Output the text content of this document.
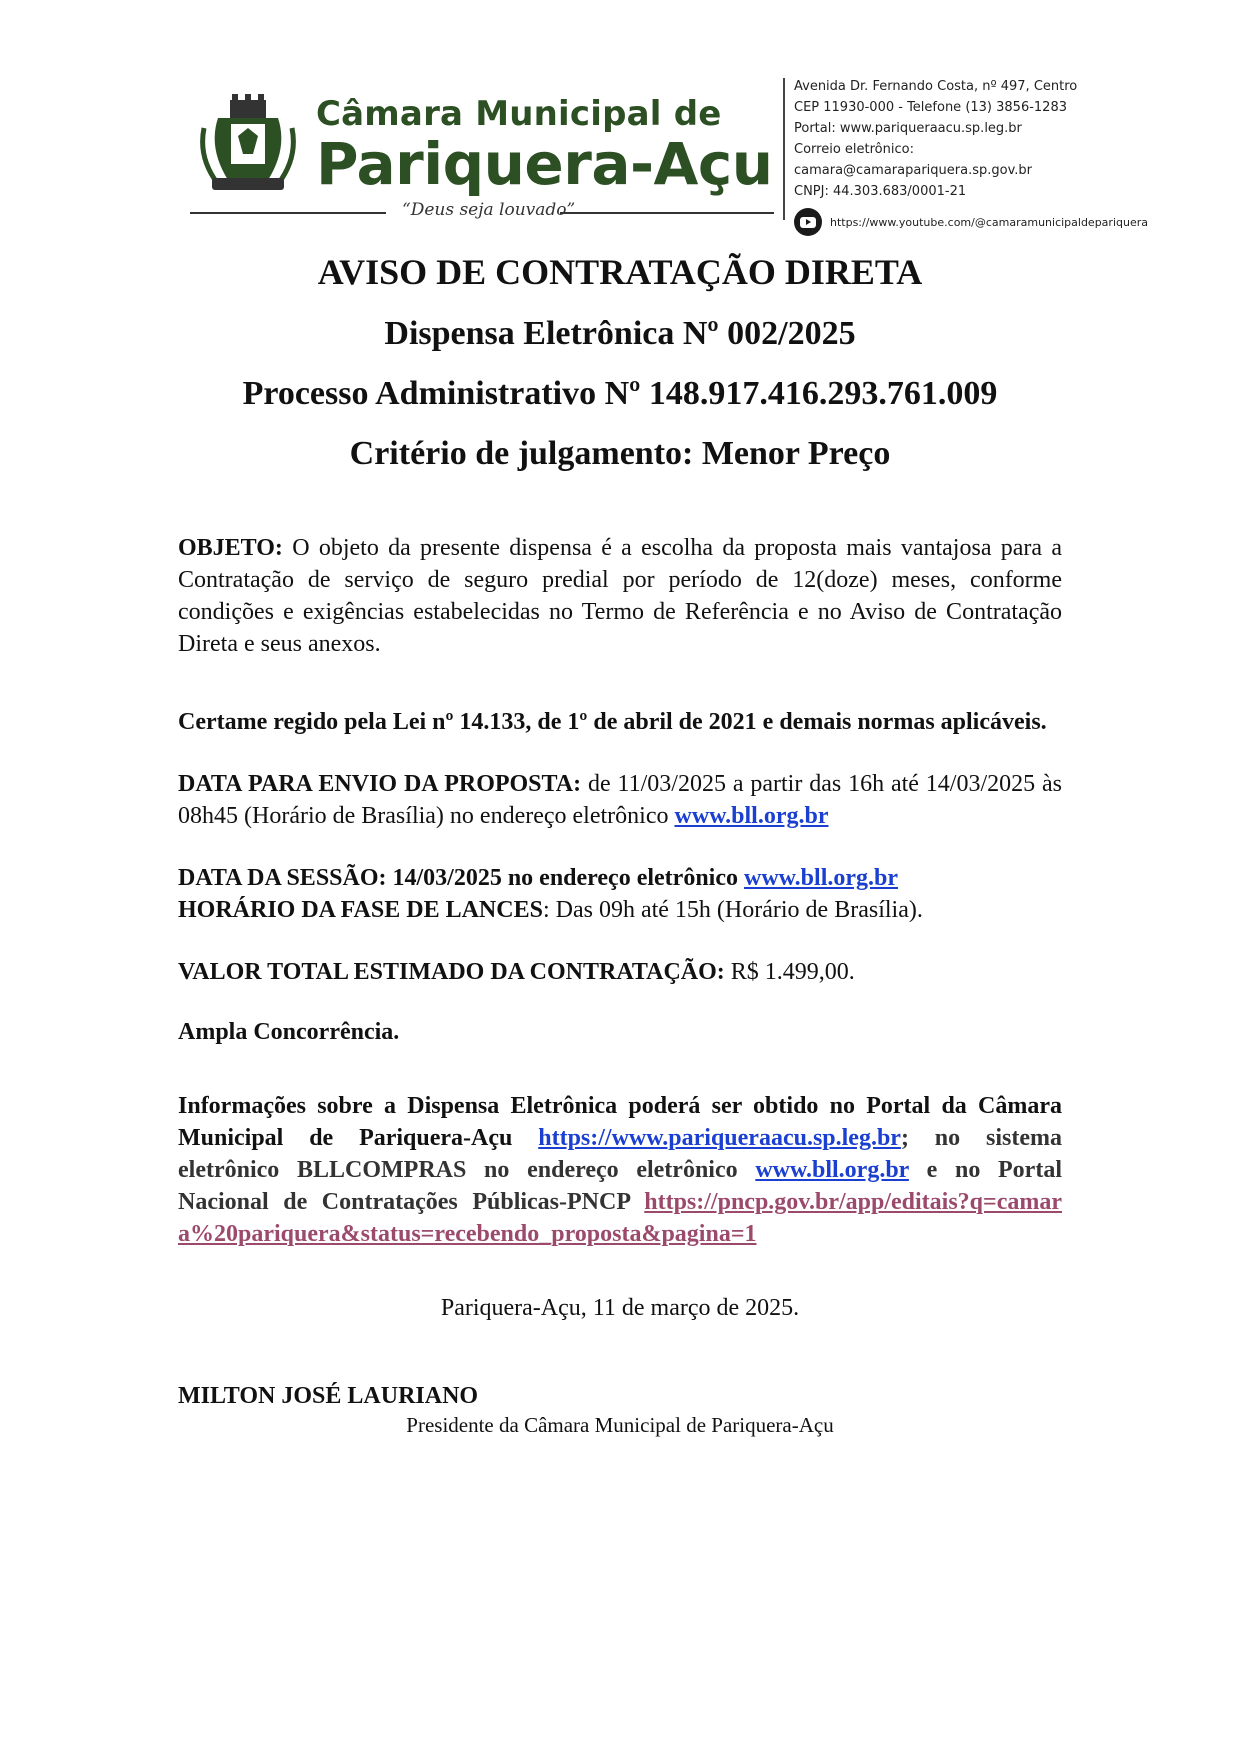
Câmara Municipal de
Pariquera-Açu
“Deus seja louvado”
Avenida Dr. Fernando Costa, nº 497, Centro
CEP 11930-000 - Telefone (13) 3856-1283
Portal: www.pariqueraacu.sp.leg.br
Correio eletrônico: camara@camarapariquera.sp.gov.br
CNPJ: 44.303.683/0001-21
https://www.youtube.com/@camaramunicipaldepariquera
AVISO DE CONTRATAÇÃO DIRETA
Dispensa Eletrônica Nº 002/2025
Processo Administrativo Nº 148.917.416.293.761.009
Critério de julgamento: Menor Preço

OBJETO: O objeto da presente dispensa é a escolha da proposta mais vantajosa para a Contratação de serviço de seguro predial por período de 12(doze) meses, conforme condições e exigências estabelecidas no Termo de Referência e no Aviso de Contratação Direta e seus anexos.

Certame regido pela Lei nº 14.133, de 1º de abril de 2021 e demais normas aplicáveis.

DATA PARA ENVIO DA PROPOSTA: de 11/03/2025 a partir das 16h até 14/03/2025 às 08h45 (Horário de Brasília) no endereço eletrônico www.bll.org.br

DATA DA SESSÃO: 14/03/2025 no endereço eletrônico www.bll.org.br
HORÁRIO DA FASE DE LANCES: Das 09h até 15h (Horário de Brasília).

VALOR TOTAL ESTIMADO DA CONTRATAÇÃO: R$ 1.499,00.

Ampla Concorrência.

Informações sobre a Dispensa Eletrônica poderá ser obtido no Portal da Câmara Municipal de Pariquera-Açu https://www.pariqueraacu.sp.leg.br; no sistema eletrônico BLLCOMPRAS no endereço eletrônico www.bll.org.br e no Portal Nacional de Contratações Públicas-PNCP https://pncp.gov.br/app/editais?q=camara%20pariquera&status=recebendo_proposta&pagina=1

Pariquera-Açu, 11 de março de 2025.

MILTON JOSÉ LAURIANO

Presidente da Câmara Municipal de Pariquera-Açu
